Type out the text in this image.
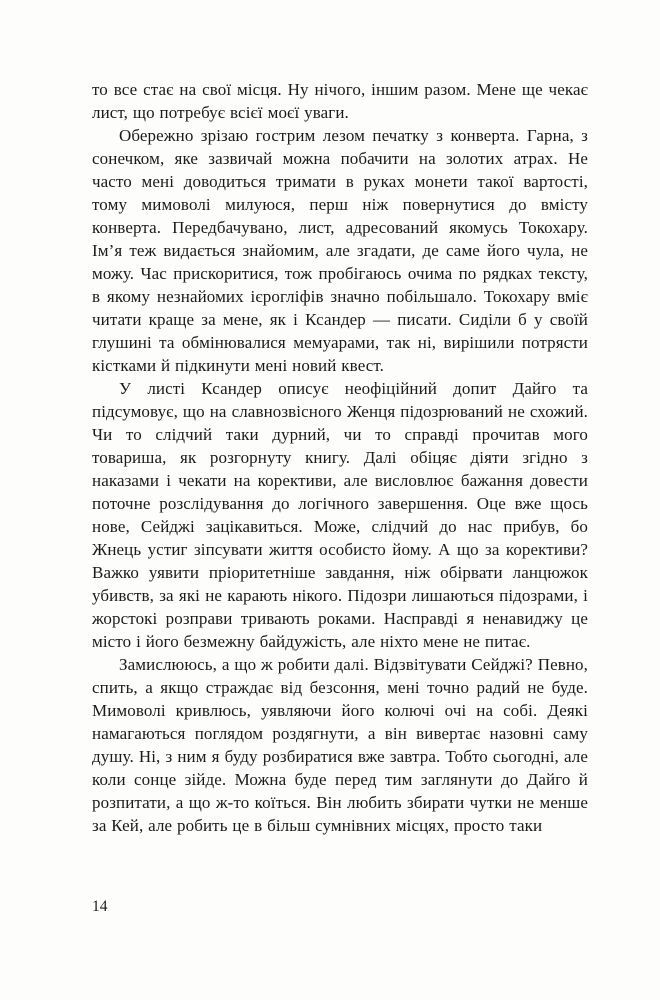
то все стає на свої місця. Ну нічого, іншим разом. Мене ще чекає лист, що потребує всієї моєї уваги.

Обережно зрізаю гострим лезом печатку з конверта. Гарна, з сонечком, яке зазвичай можна побачити на золотих атрах. Не часто мені доводиться тримати в руках монети такої вартості, тому мимоволі милуюся, перш ніж повернутися до вмісту конверта. Передбачувано, лист, адресований якомусь Токохару. Ім’я теж видається знайомим, але згадати, де саме його чула, не можу. Час прискоритися, тож пробігаюсь очима по рядках тексту, в якому незнайомих ієрогліфів значно побільшало. Токохару вміє читати краще за мене, як і Ксандер — писати. Сиділи б у своїй глушині та обмінювалися мемуарами, так ні, вирішили потрясти кістками й підкинути мені новий квест.

У листі Ксандер описує неофіційний допит Дайго та підсумовує, що на славнозвісного Женця підозрюваний не схожий. Чи то слідчий таки дурний, чи то справді прочитав мого товариша, як розгорнуту книгу. Далі обіцяє діяти згідно з наказами і чекати на корективи, але висловлює бажання довести поточне розслідування до логічного завершення. Оце вже щось нове, Сейджі зацікавиться. Може, слідчий до нас прибув, бо Жнець устиг зіпсувати життя особисто йому. А що за корективи? Важко уявити пріоритетніше завдання, ніж обірвати ланцюжок убивств, за які не карають нікого. Підозри лишаються підозрами, і жорстокі розправи тривають роками. Насправді я ненавиджу це місто і його безмежну байдужість, але ніхто мене не питає.

Замислююсь, а що ж робити далі. Відзвітувати Сейджі? Певно, спить, а якщо страждає від безсоння, мені точно радий не буде. Мимоволі кривлюсь, уявляючи його колючі очі на собі. Деякі намагаються поглядом роздягнути, а він вивертає назовні саму душу. Ні, з ним я буду розбиратися вже завтра. Тобто сьогодні, але коли сонце зійде. Можна буде перед тим заглянути до Дайго й розпитати, а що ж-то коїться. Він любить збирати чутки не менше за Кей, але робить це в більш сумнівних місцях, просто таки

14
